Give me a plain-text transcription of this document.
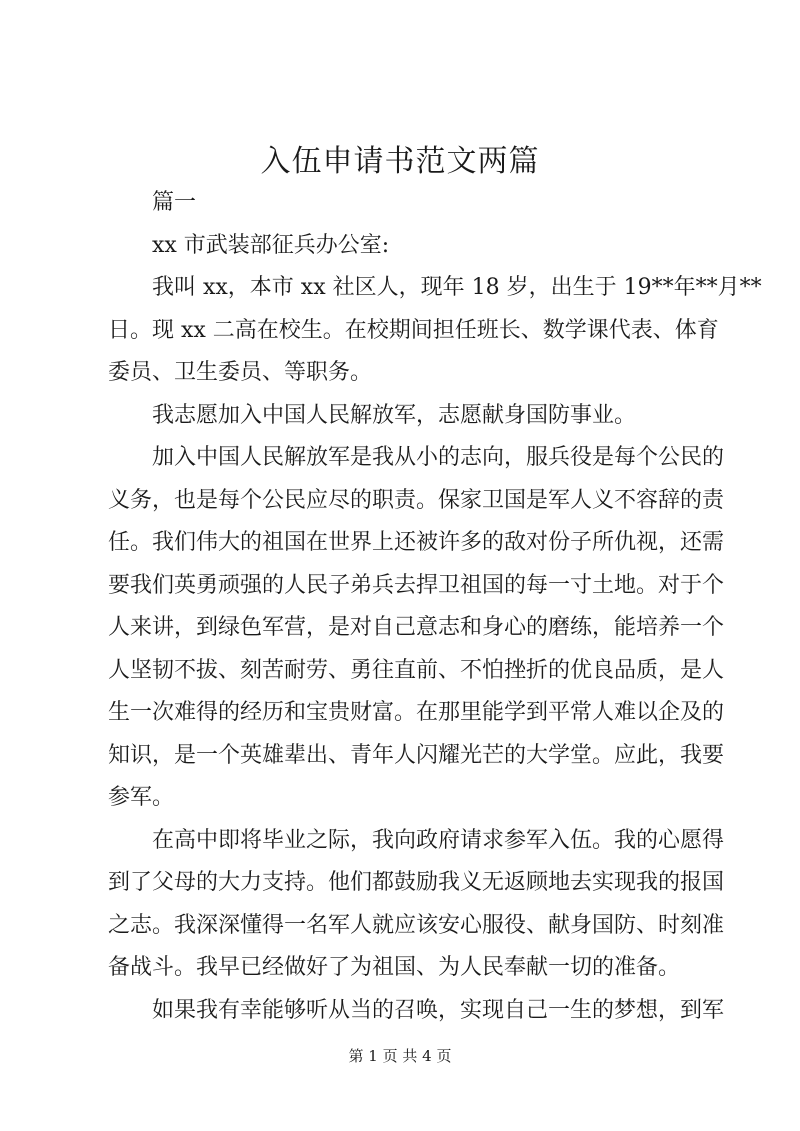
入伍申请书范文两篇
篇一
xx 市武装部征兵办公室:
我叫 xx，本市 xx 社区人，现年 18 岁，出生于 19**年**月**
日。现 xx 二高在校生。在校期间担任班长、数学课代表、体育
委员、卫生委员、等职务。
我志愿加入中国人民解放军，志愿献身国防事业。
加入中国人民解放军是我从小的志向，服兵役是每个公民的
义务，也是每个公民应尽的职责。保家卫国是军人义不容辞的责
任。我们伟大的祖国在世界上还被许多的敌对份子所仇视，还需
要我们英勇顽强的人民子弟兵去捍卫祖国的每一寸土地。对于个
人来讲，到绿色军营，是对自己意志和身心的磨练，能培养一个
人坚韧不拔、刻苦耐劳、勇往直前、不怕挫折的优良品质，是人
生一次难得的经历和宝贵财富。在那里能学到平常人难以企及的
知识，是一个英雄辈出、青年人闪耀光芒的大学堂。应此，我要
参军。
在高中即将毕业之际，我向政府请求参军入伍。我的心愿得
到了父母的大力支持。他们都鼓励我义无返顾地去实现我的报国
之志。我深深懂得一名军人就应该安心服役、献身国防、时刻准
备战斗。我早已经做好了为祖国、为人民奉献一切的准备。
如果我有幸能够听从当的召唤，实现自己一生的梦想，到军
第 1 页 共 4 页
